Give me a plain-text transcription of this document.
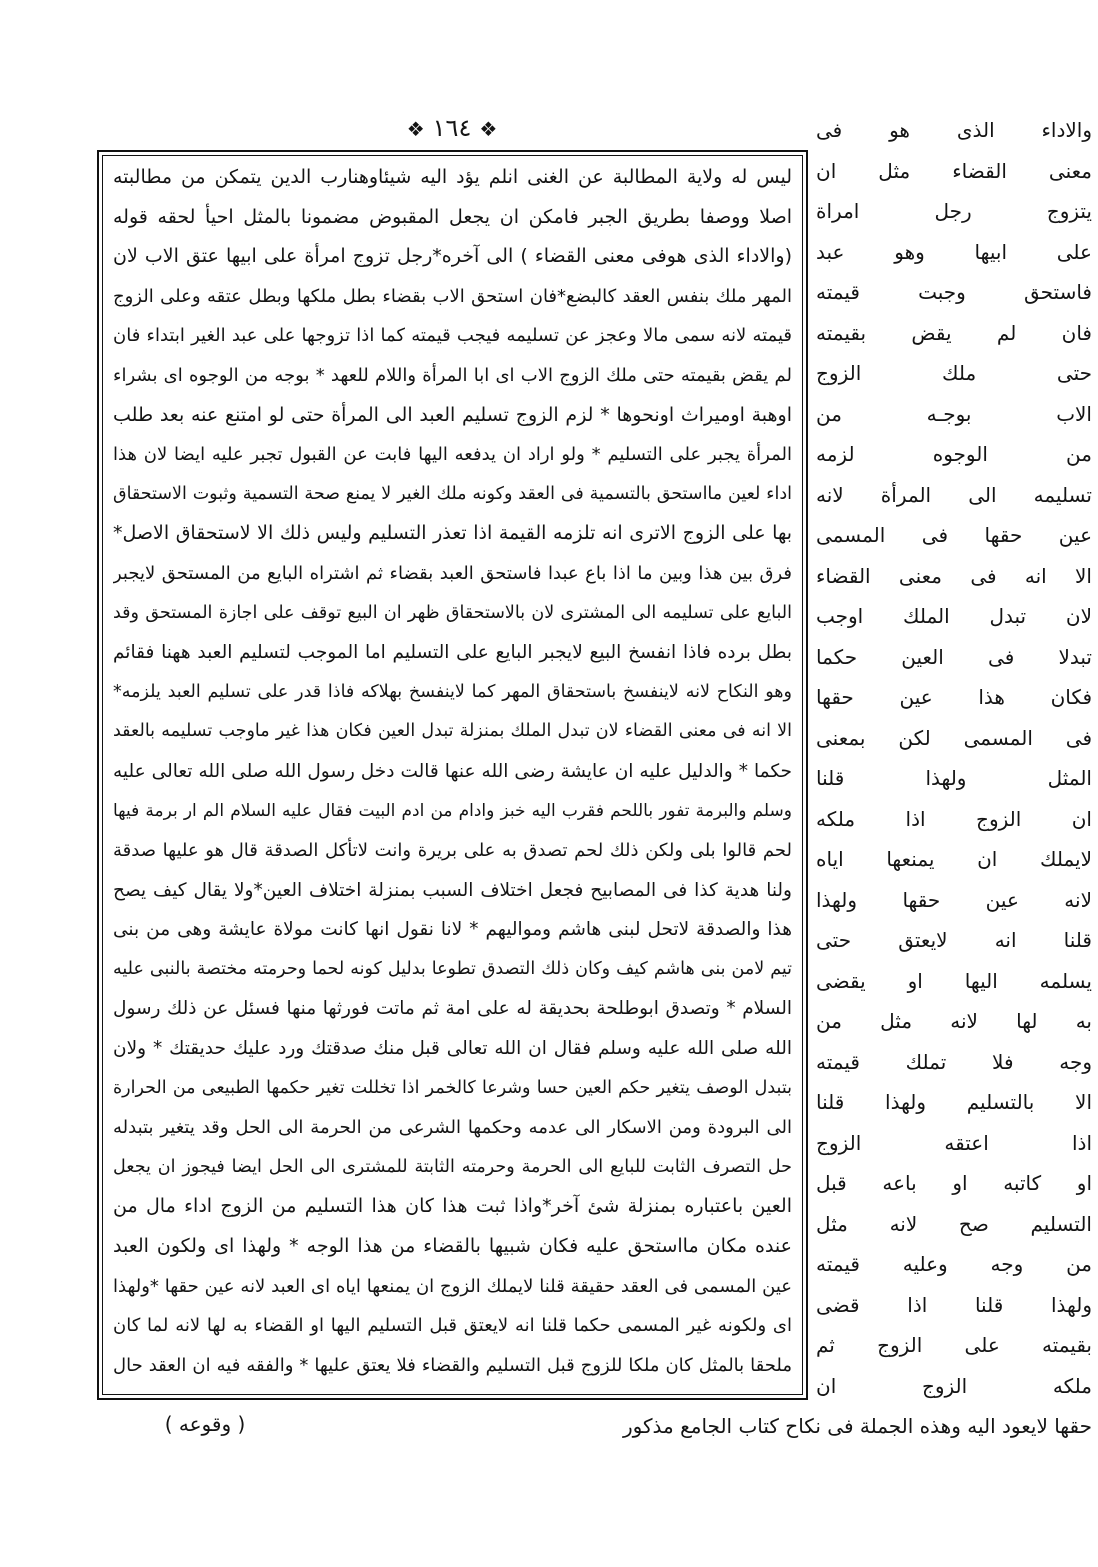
❖١٦٤❖	والاداء الذى هو فى
معنى القضاء مثل ان
يتزوج رجل امراة
على ابيها وهو عبد
فاستحق وجبت قيمته
فان لم يقض بقيمته
حتى ملك الزوج
الاب بوجـه من
من الوجوه لزمه
تسليمه الى المرأة لانه
عين حقها فى المسمى
الا انه فى معنى القضاء
لان تبدل الملك اوجب
تبدلا فى العين حكما
فكان هذا عين حقها
فى المسمى لكن بمعنى
المثل ولهذا قلنا
ان الزوج اذا ملكه
لايملك ان يمنعها اياه
لانه عين حقها ولهذا
قلنا انه لايعتق حتى
يسلمه اليها او يقضى
به لها لانه مثل من
وجه فلا تملك قيمته
الا بالتسليم ولهذا قلنا
اذا اعتقه الزوج
او كاتبه او باعه قبل
التسليم صح لانه مثل
من وجه وعليه قيمته
ولهذا قلنا اذا قضى
بقيمته على الزوج ثم
ملكه الزوج ان
ليس له ولاية المطالبة عن الغنى انلم يؤد اليه شيئاوهنارب الدين يتمكن من مطالبته
اصلا ووصفا بطريق الجبر فامكن ان يجعل المقبوض مضمونا بالمثل احيأ لحقه قوله
(والاداء الذى هوفى معنى القضاء ) الى آخره*رجل تزوج امرأة على ابيها عتق الاب لان
المهر ملك بنفس العقد كالبضع*فان استحق الاب بقضاء بطل ملكها وبطل عتقه وعلى الزوج
قيمته لانه سمى مالا وعجز عن تسليمه فيجب قيمته كما اذا تزوجها على عبد الغير ابتداء فان
لم يقض بقيمته حتى ملك الزوج الاب اى ابا المرأة واللام للعهد * بوجه من الوجوه اى بشراء
اوهبة اوميراث اونحوها * لزم الزوج تسليم العبد الى المرأة حتى لو امتنع عنه بعد طلب
المرأة يجبر على التسليم * ولو اراد ان يدفعه اليها فابت عن القبول تجبر عليه ايضا لان هذا
اداء لعين مااستحق بالتسمية فى العقد وكونه ملك الغير لا يمنع صحة التسمية وثبوت الاستحقاق
بها على الزوج الاترى انه تلزمه القيمة اذا تعذر التسليم وليس ذلك الا لاستحقاق الاصل*
فرق بين هذا وبين ما اذا باع عبدا فاستحق العبد بقضاء ثم اشتراه البايع من المستحق لايجبر
البايع على تسليمه الى المشترى لان بالاستحقاق ظهر ان البيع توقف على اجازة المستحق وقد
بطل برده فاذا انفسخ البيع لايجبر البايع على التسليم اما الموجب لتسليم العبد ههنا فقائم
وهو النكاح لانه لاينفسخ باستحقاق المهر كما لاينفسخ بهلاكه فاذا قدر على تسليم العبد يلزمه*
الا انه فى معنى القضاء لان تبدل الملك بمنزلة تبدل العين فكان هذا غير ماوجب تسليمه بالعقد
حكما * والدليل عليه ان عايشة رضى الله عنها قالت دخل رسول الله صلى الله تعالى عليه
وسلم والبرمة تفور باللحم فقرب اليه خبز وادام من ادم البيت فقال عليه السلام الم ار برمة فيها
لحم قالوا بلى ولكن ذلك لحم تصدق به على بريرة وانت لاتأكل الصدقة قال هو عليها صدقة
ولنا هدية كذا فى المصابيح فجعل اختلاف السبب بمنزلة اختلاف العين*ولا يقال كيف يصح
هذا والصدقة لاتحل لبنى هاشم ومواليهم * لانا نقول انها كانت مولاة عايشة وهى من بنى
تيم لامن بنى هاشم كيف وكان ذلك التصدق تطوعا بدليل كونه لحما وحرمته مختصة بالنبى عليه
السلام * وتصدق ابوطلحة بحديقة له على امة ثم ماتت فورثها منها فسئل عن ذلك رسول
الله صلى الله عليه وسلم فقال ان الله تعالى قبل منك صدقتك ورد عليك حديقتك * ولان
بتبدل الوصف يتغير حكم العين حسا وشرعا كالخمر اذا تخللت تغير حكمها الطبيعى من الحرارة
الى البرودة ومن الاسكار الى عدمه وحكمها الشرعى من الحرمة الى الحل وقد يتغير بتبدله
حل التصرف الثابت للبايع الى الحرمة وحرمته الثابتة للمشترى الى الحل ايضا فيجوز ان يجعل
العين باعتباره بمنزلة شئ آخر*واذا ثبت هذا كان هذا التسليم من الزوج اداء مال من
عنده مكان مااستحق عليه فكان شبيها بالقضاء من هذا الوجه * ولهذا اى ولكون العبد
عين المسمى فى العقد حقيقة قلنا لايملك الزوج ان يمنعها اياه اى العبد لانه عين حقها *ولهذا
اى ولكونه غير المسمى حكما قلنا انه لايعتق قبل التسليم اليها او القضاء به لها لانه لما كان
ملحقا بالمثل كان ملكا للزوج قبل التسليم والقضاء فلا يعتق عليها * والفقه فيه ان العقد حال
حقها لايعود اليه وهذه الجملة فى نكاح كتاب الجامع مذكور
( وقوعه )
